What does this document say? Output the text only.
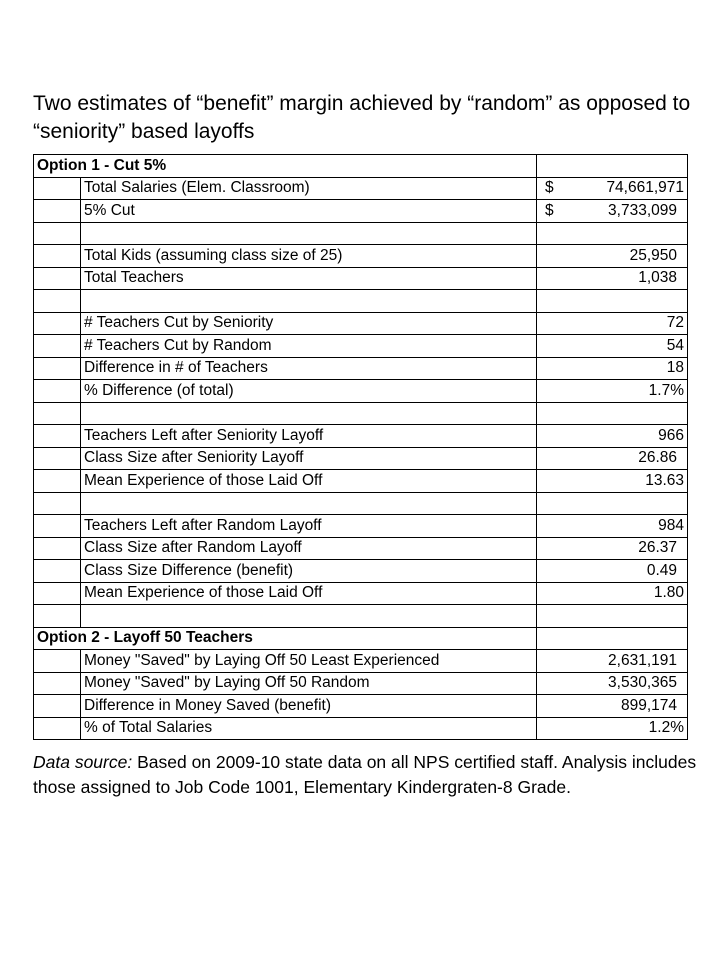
Two estimates of “benefit” margin achieved by “random” as opposed to “seniority” based layoffs
Option 1 - Cut 5%		
	Total Salaries (Elem. Classroom)	$ 74,661,971
	5% Cut	$ 3,733,099

	Total Kids (assuming class size of 25)	25,950
	Total Teachers	1,038

	# Teachers Cut by Seniority	72
	# Teachers Cut by Random	54
	Difference in # of Teachers	18
	% Difference (of total)	1.7%

	Teachers Left after Seniority Layoff	966
	Class Size after Seniority Layoff	26.86
	Mean Experience of those Laid Off	13.63

	Teachers Left after Random Layoff	984
	Class Size after Random Layoff	26.37
	Class Size Difference (benefit)	0.49
	Mean Experience of those Laid Off	1.80

Option 2 - Layoff 50 Teachers		
	Money "Saved" by Laying Off 50 Least Experienced	2,631,191
	Money "Saved" by Laying Off 50 Random	3,530,365
	Difference in Money Saved (benefit)	899,174
	% of Total Salaries	1.2%

Data source: Based on 2009-10 state data on all NPS certified staff. Analysis includes those assigned to Job Code 1001, Elementary Kindergraten-8 Grade.
